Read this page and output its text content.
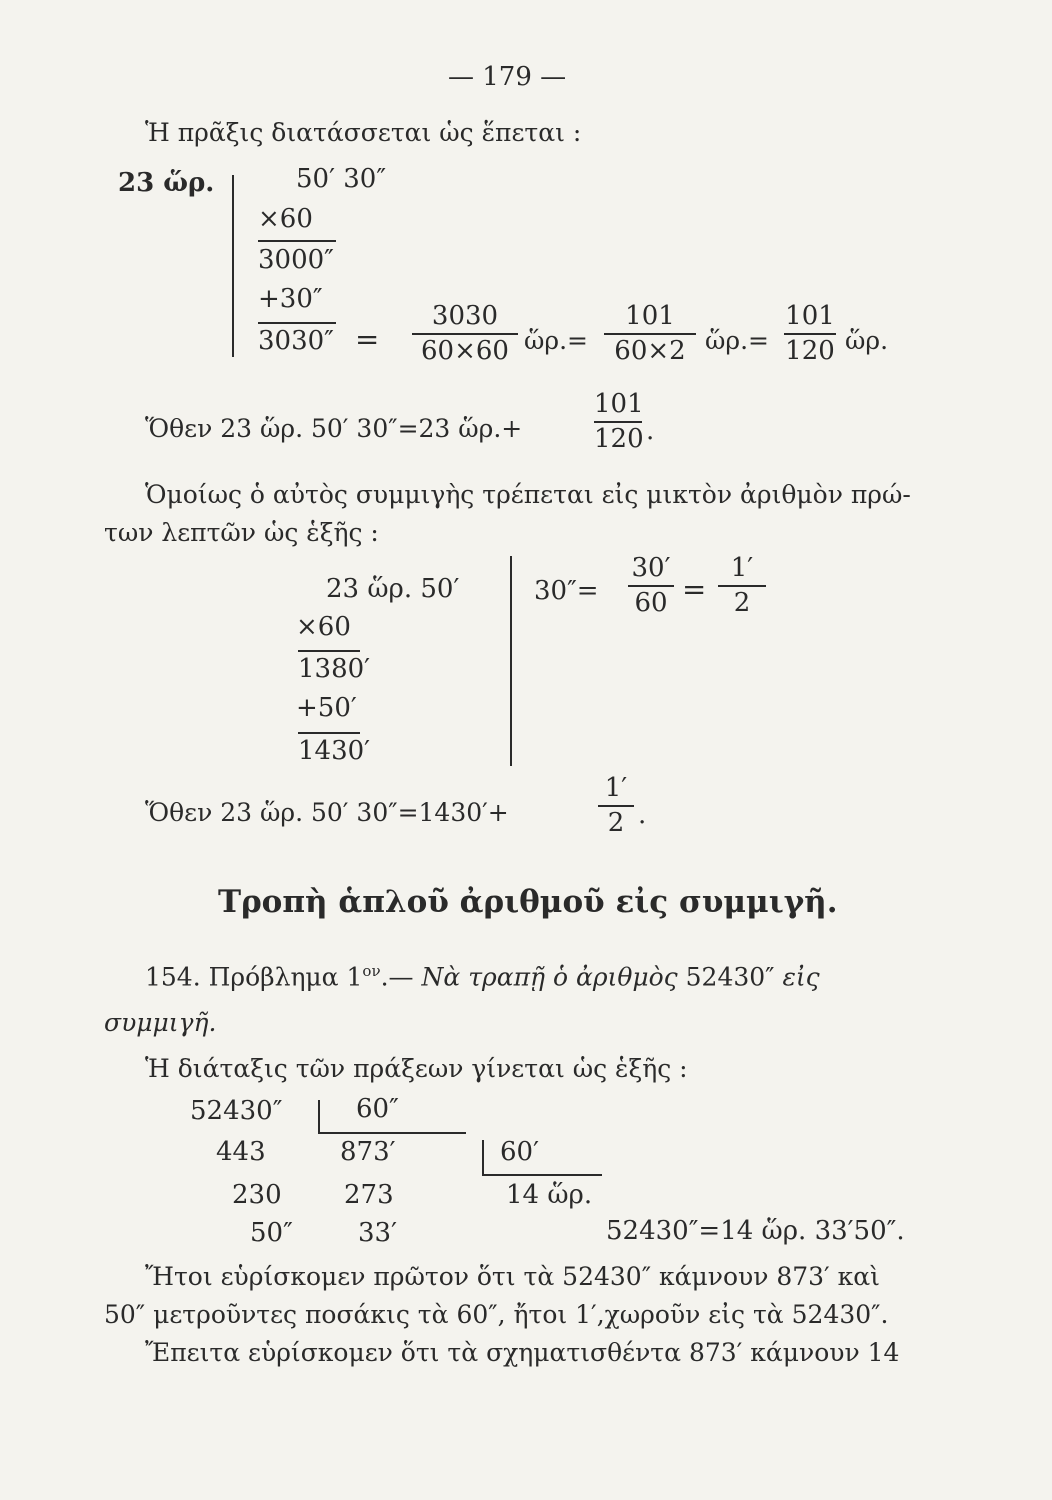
— 179 —
Ἡ πρᾶξις διατάσσεται ὡς ἕπεται :
23 ὥρ.	50′ 30″
×60
3000″
+30″
3030″ =
3030
60×60 ὥρ.=
101
60×2 ὥρ.=
101
120 ὥρ.
Ὅθεν 23 ὥρ. 50′ 30″=23 ὥρ.+
101
120 .
Ὁμοίως ὁ αὐτὸς συμμιγὴς τρέπεται εἰς μικτὸν ἀριθμὸν πρώ-
των λεπτῶν ὡς ἑξῆς :
23 ὥρ. 50′
×60
1380′
+50′
1430′
30″=
30′
60 =
1′
2
Ὅθεν 23 ὥρ. 50′ 30″=1430′+
1′
2 .
Τροπὴ ἁπλοῦ ἀριθμοῦ εἰς συμμιγῆ.
154. Πρόβλημα $1^{o\nu}.—$ Νὰ τραπῇ ὁ ἀριθμὸς 52430″ εἰς
συμμιγῆ.
Ἡ διάταξις τῶν πράξεων γίνεται ὡς ἑξῆς :
52430″	60″
873′
443
230
50″
60′
14 ὥρ.
273
33′	52430″=14 ὥρ. 33′50″.
Ἤτοι εὑρίσκομεν πρῶτον ὅτι τὰ 52430″ κάμνουν 873′ καὶ
50″ μετροῦντες ποσάκις τὰ 60″, ἤτοι 1′,χωροῦν εἰς τὰ 52430″.
Ἔπειτα εὑρίσκομεν ὅτι τὰ σχηματισθέντα 873′ κάμνουν 14
